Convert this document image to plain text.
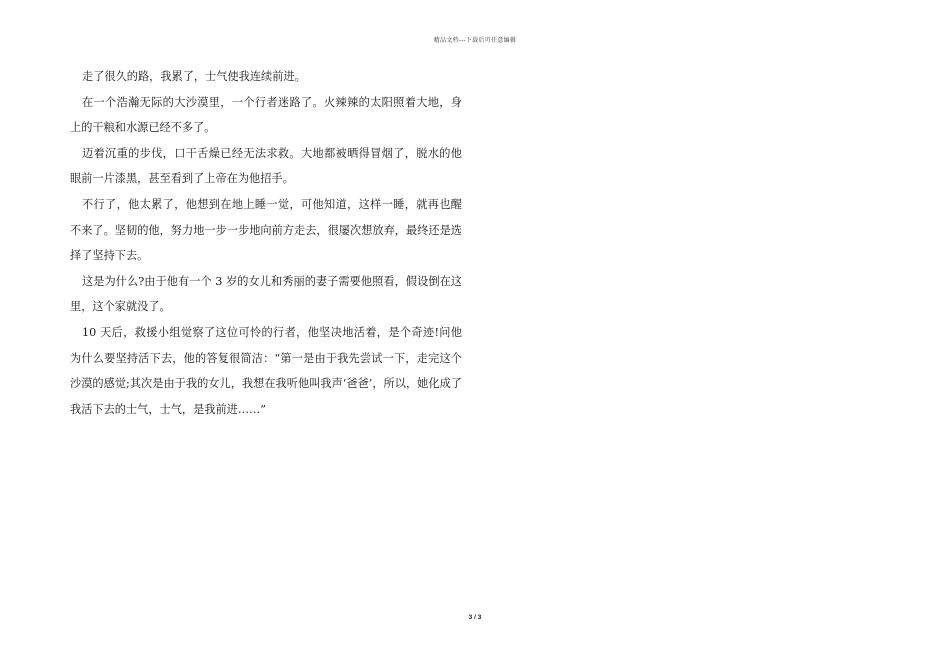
精品文档---下载后可任意编辑

走了很久的路，我累了，士气使我连续前进。

在一个浩瀚无际的大沙漠里，一个行者迷路了。火辣辣的太阳照着大地，身上的干粮和水源已经不多了。

迈着沉重的步伐，口干舌燥已经无法求救。大地都被晒得冒烟了，脱水的他眼前一片漆黑，甚至看到了上帝在为他招手。

不行了，他太累了，他想到在地上睡一觉，可他知道，这样一睡，就再也醒不来了。坚韧的他，努力地一步一步地向前方走去，很屡次想放弃，最终还是选择了坚持下去。

这是为什么?由于他有一个 3 岁的女儿和秀丽的妻子需要他照看，假设倒在这里，这个家就没了。

10 天后，救援小组觉察了这位可怜的行者，他坚决地活着，是个奇迹!问他为什么要坚持活下去，他的答复很简洁：“第一是由于我先尝试一下，走完这个沙漠的感觉;其次是由于我的女儿，我想在我听他叫我声‘爸爸’，所以，她化成了我活下去的士气，士气，是我前进……”

3 / 3
